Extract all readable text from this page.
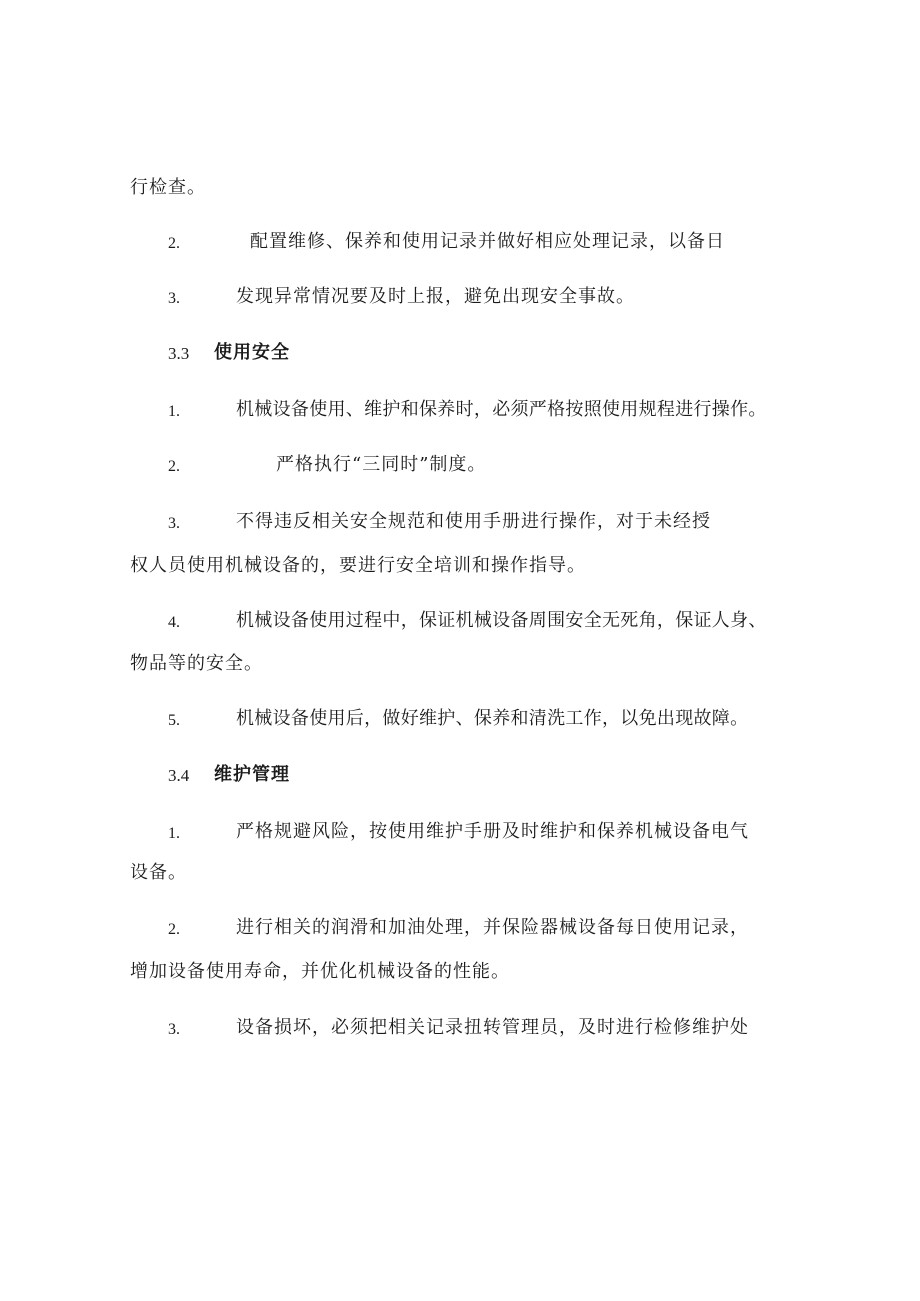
行检查。
2.	配置维修、保养和使用记录并做好相应处理记录，以备日
3.	发现异常情况要及时上报，避免出现安全事故。
3.3 使用安全
1.	机械设备使用、维护和保养时，必须严格按照使用规程进行操作。
2.	严格执行“三同时”制度。
3.	不得违反相关安全规范和使用手册进行操作，对于未经授
权人员使用机械设备的，要进行安全培训和操作指导。
4.	机械设备使用过程中，保证机械设备周围安全无死角，保证人身、
物品等的安全。
5.	机械设备使用后，做好维护、保养和清洗工作，以免出现故障。
3.4 维护管理
1.	严格规避风险，按使用维护手册及时维护和保养机械设备电气
设备。
2.	进行相关的润滑和加油处理，并保险器械设备每日使用记录，
增加设备使用寿命，并优化机械设备的性能。
3.	设备损坏，必须把相关记录扭转管理员，及时进行检修维护处
